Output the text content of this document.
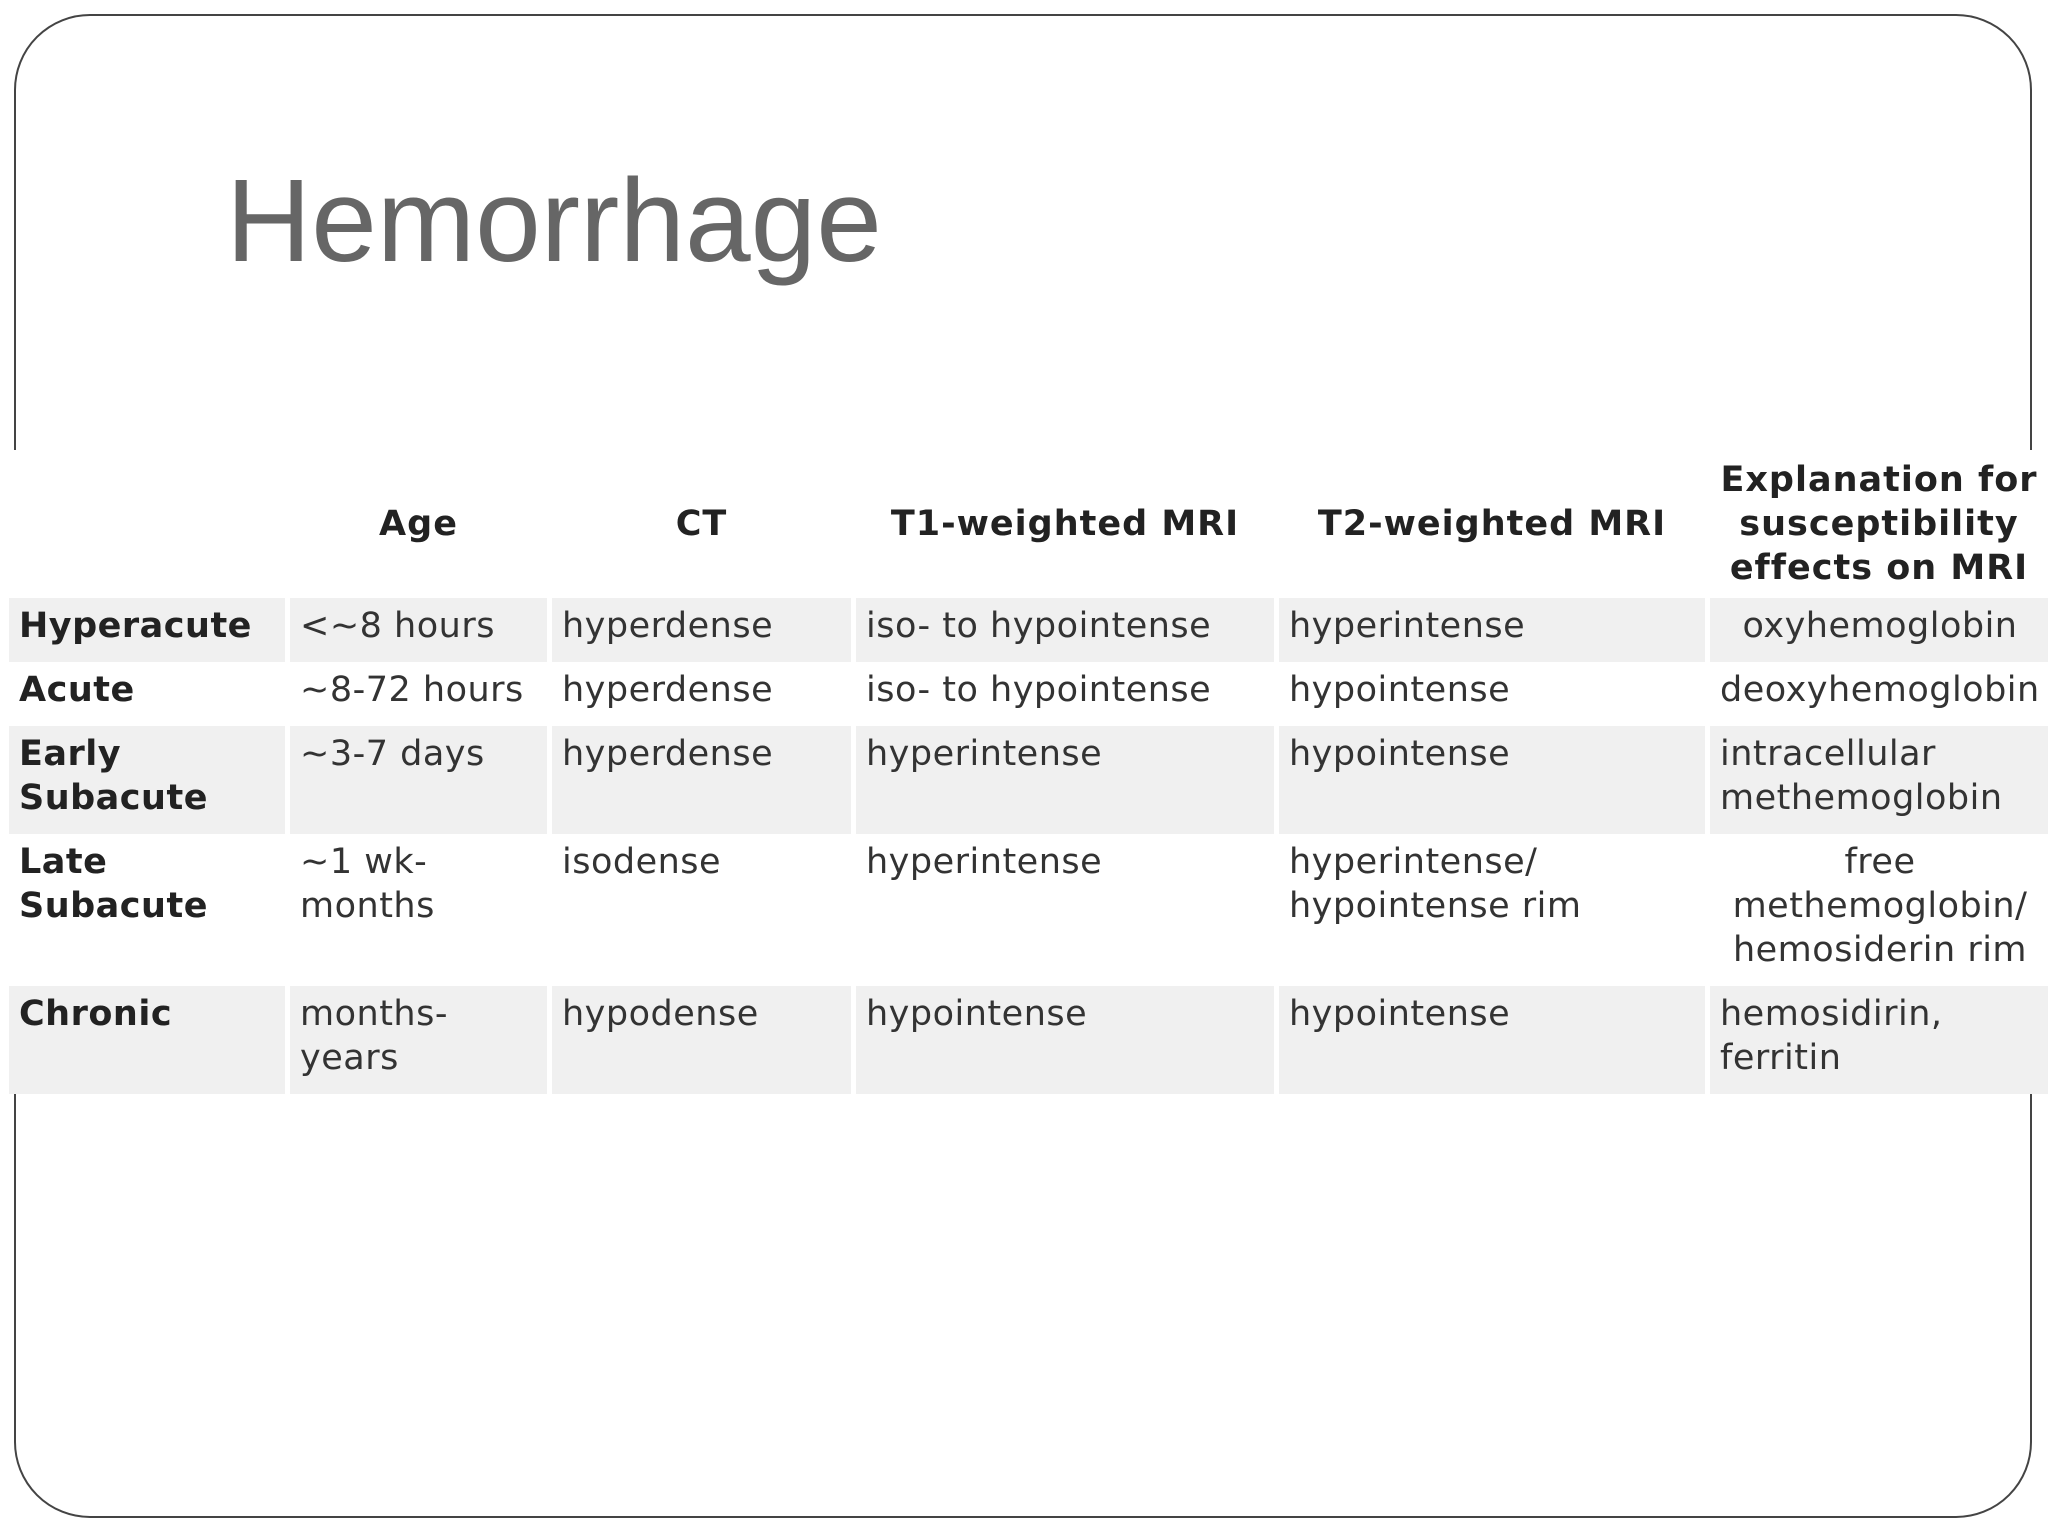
Hemorrhage
	Age	CT	T1-weighted MRI	T2-weighted MRI	Explanation for susceptibility effects on MRI
Hyperacute	<~8 hours	hyperdense	iso- to hypointense	hyperintense	oxyhemoglobin
Acute	~8-72 hours	hyperdense	iso- to hypointense	hypointense	deoxyhemoglobin
Early Subacute	~3-7 days	hyperdense	hyperintense	hypointense	intracellular methemoglobin
Late Subacute	~1 wk-months	isodense	hyperintense	hyperintense/ hypointense rim	free methemoglobin/ hemosiderin rim
Chronic	months-years	hypodense	hypointense	hypointense	hemosidirin, ferritin
